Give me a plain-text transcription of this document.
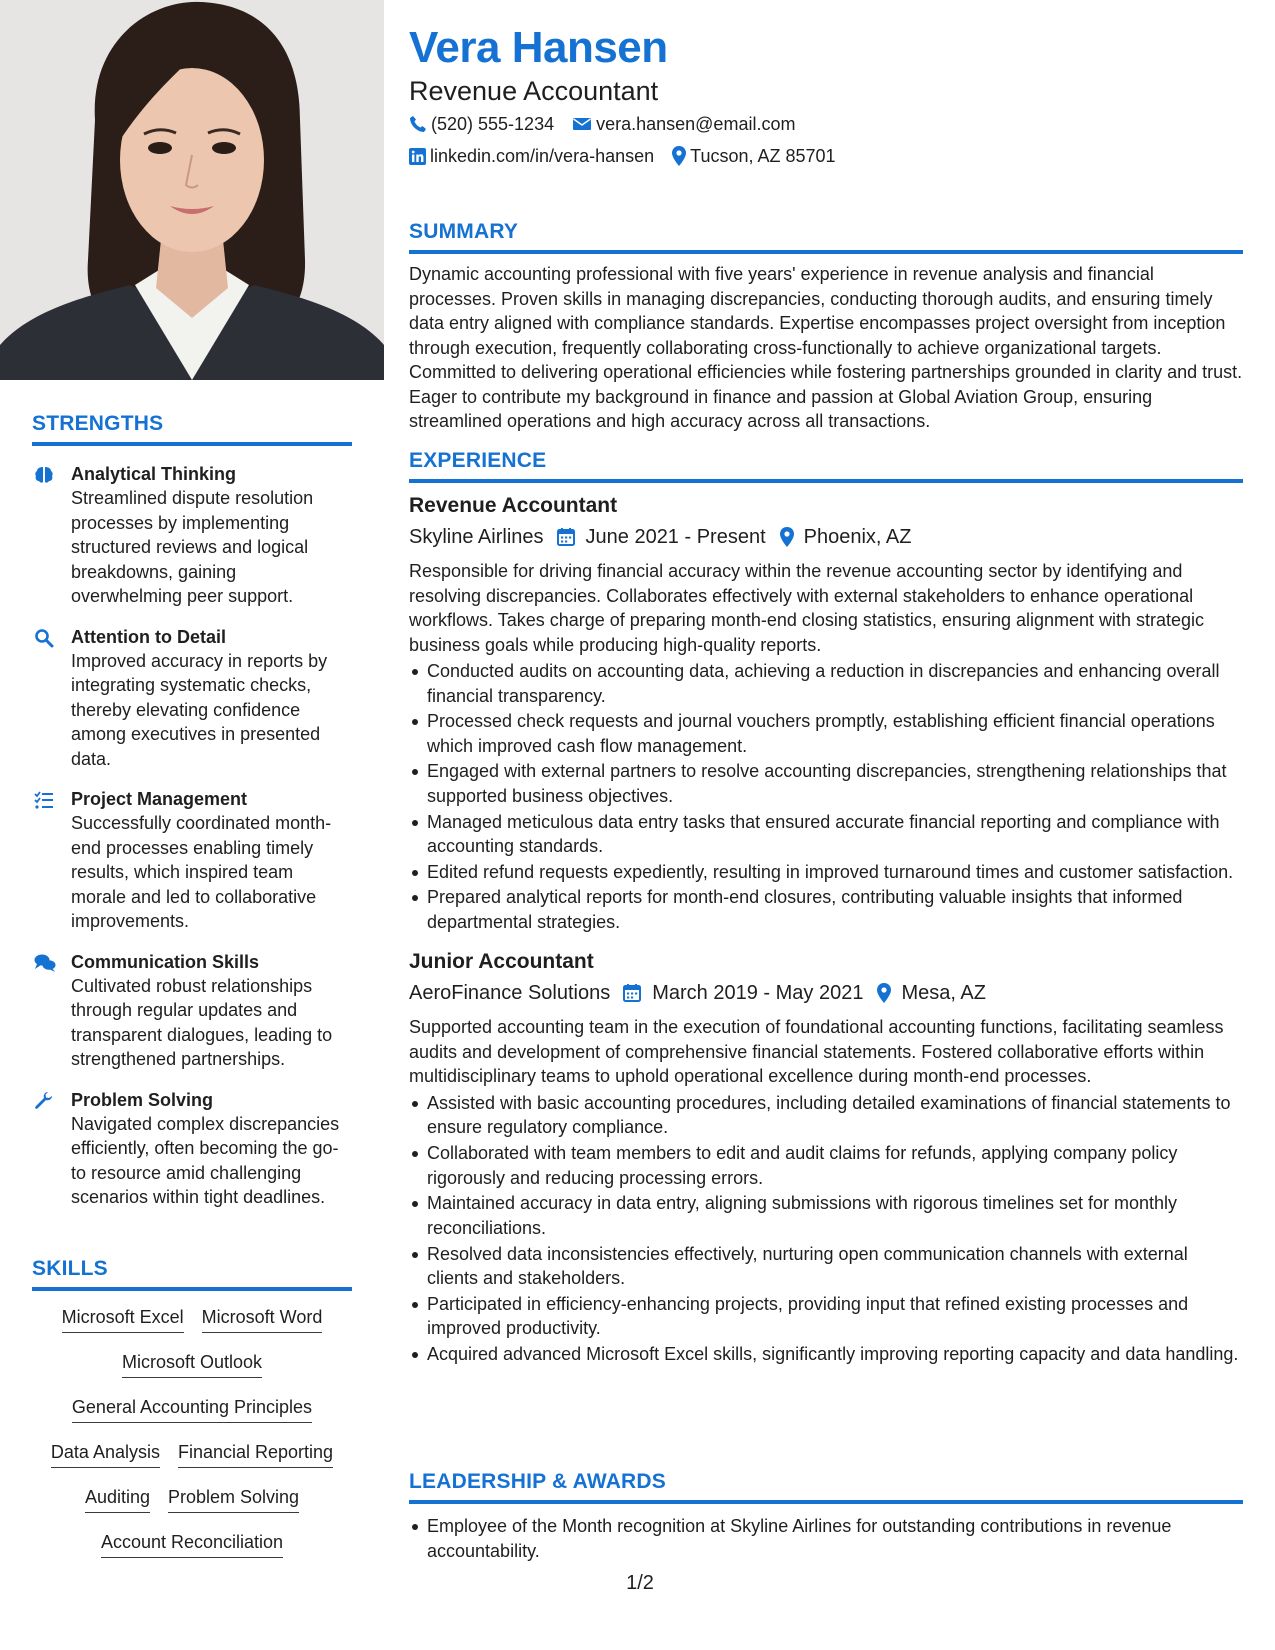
STRENGTHS
Analytical Thinking
Streamlined dispute resolution processes by implementing structured reviews and logical breakdowns, gaining overwhelming peer support.
Attention to Detail
Improved accuracy in reports by integrating systematic checks, thereby elevating confidence among executives in presented data.
Project Management
Successfully coordinated month-end processes enabling timely results, which inspired team morale and led to collaborative improvements.
Communication Skills
Cultivated robust relationships through regular updates and transparent dialogues, leading to strengthened partnerships.
Problem Solving
Navigated complex discrepancies efficiently, often becoming the go-to resource amid challenging scenarios within tight deadlines.
SKILLS
Microsoft Excel Microsoft Word
Microsoft Outlook
General Accounting Principles
Data Analysis Financial Reporting
Auditing Problem Solving
Account Reconciliation
Vera Hansen
Revenue Accountant
(520) 555-1234 vera.hansen@email.com
linkedin.com/in/vera-hansen Tucson, AZ 85701
SUMMARY
Dynamic accounting professional with five years' experience in revenue analysis and financial processes. Proven skills in managing discrepancies, conducting thorough audits, and ensuring timely data entry aligned with compliance standards. Expertise encompasses project oversight from inception through execution, frequently collaborating cross-functionally to achieve organizational targets. Committed to delivering operational efficiencies while fostering partnerships grounded in clarity and trust. Eager to contribute my background in finance and passion at Global Aviation Group, ensuring streamlined operations and high accuracy across all transactions.
EXPERIENCE
Revenue Accountant
Skyline Airlines June 2021 - Present Phoenix, AZ
Responsible for driving financial accuracy within the revenue accounting sector by identifying and resolving discrepancies. Collaborates effectively with external stakeholders to enhance operational workflows. Takes charge of preparing month-end closing statistics, ensuring alignment with strategic business goals while producing high-quality reports.
Conducted audits on accounting data, achieving a reduction in discrepancies and enhancing overall financial transparency.
Processed check requests and journal vouchers promptly, establishing efficient financial operations which improved cash flow management.
Engaged with external partners to resolve accounting discrepancies, strengthening relationships that supported business objectives.
Managed meticulous data entry tasks that ensured accurate financial reporting and compliance with accounting standards.
Edited refund requests expediently, resulting in improved turnaround times and customer satisfaction.
Prepared analytical reports for month-end closures, contributing valuable insights that informed departmental strategies.
Junior Accountant
AeroFinance Solutions March 2019 - May 2021 Mesa, AZ
Supported accounting team in the execution of foundational accounting functions, facilitating seamless audits and development of comprehensive financial statements. Fostered collaborative efforts within multidisciplinary teams to uphold operational excellence during month-end processes.
Assisted with basic accounting procedures, including detailed examinations of financial statements to ensure regulatory compliance.
Collaborated with team members to edit and audit claims for refunds, applying company policy rigorously and reducing processing errors.
Maintained accuracy in data entry, aligning submissions with rigorous timelines set for monthly reconciliations.
Resolved data inconsistencies effectively, nurturing open communication channels with external clients and stakeholders.
Participated in efficiency-enhancing projects, providing input that refined existing processes and improved productivity.
Acquired advanced Microsoft Excel skills, significantly improving reporting capacity and data handling.
LEADERSHIP & AWARDS
Employee of the Month recognition at Skyline Airlines for outstanding contributions in revenue accountability.
1/2
